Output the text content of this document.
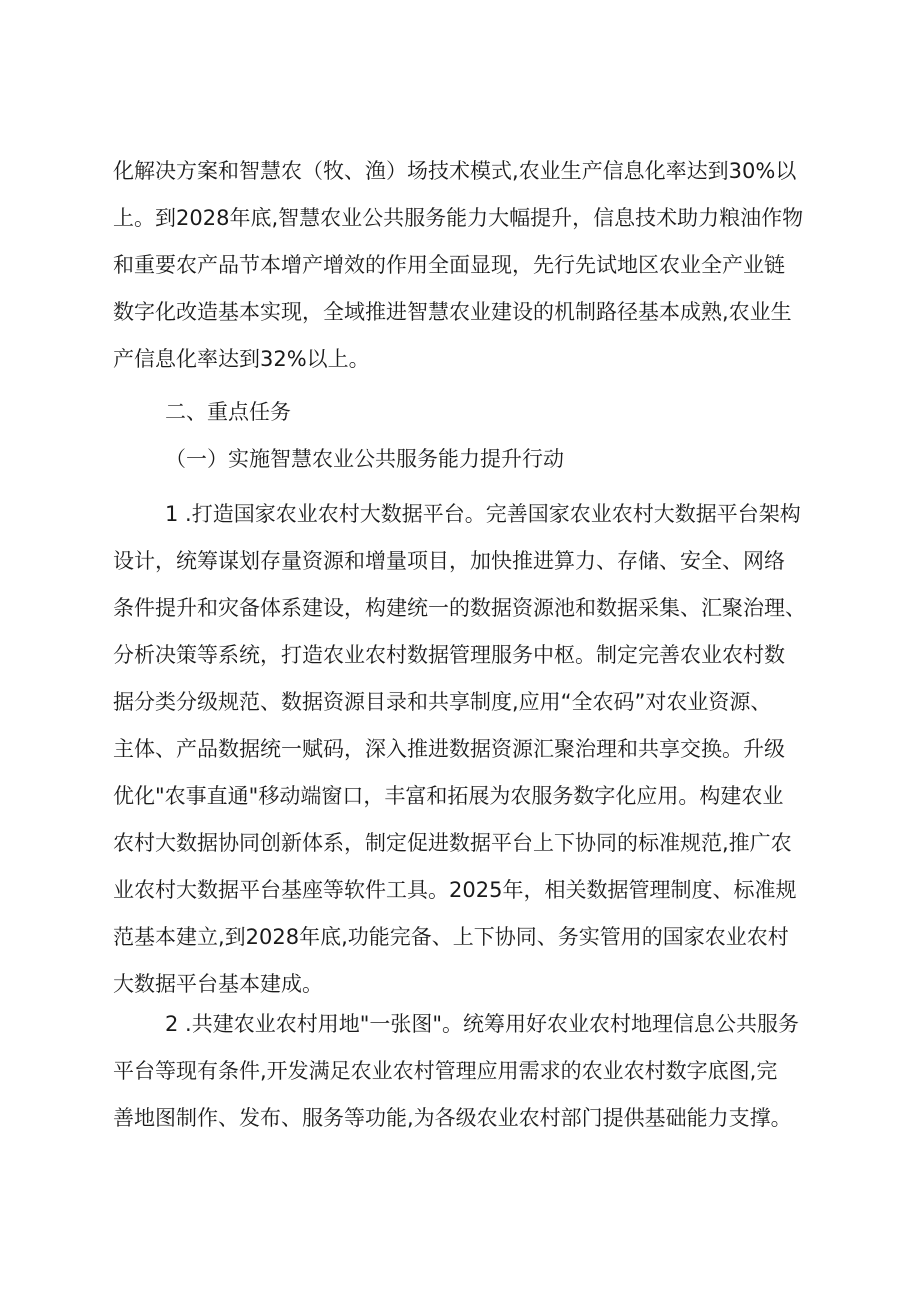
化解决方案和智慧农（牧、渔）场技术模式,农业生产信息化率达到30%以
上。到2028年底,智慧农业公共服务能力大幅提升，信息技术助力粮油作物
和重要农产品节本增产增效的作用全面显现，先行先试地区农业全产业链
数字化改造基本实现，全域推进智慧农业建设的机制路径基本成熟,农业生
产信息化率达到32%以上。
二、重点任务
（一）实施智慧农业公共服务能力提升行动
1 .打造国家农业农村大数据平台。完善国家农业农村大数据平台架构
设计，统筹谋划存量资源和增量项目，加快推进算力、存储、安全、网络
条件提升和灾备体系建设，构建统一的数据资源池和数据采集、汇聚治理、
分析决策等系统，打造农业农村数据管理服务中枢。制定完善农业农村数
据分类分级规范、数据资源目录和共享制度,应用“全农码”对农业资源、
主体、产品数据统一赋码，深入推进数据资源汇聚治理和共享交换。升级
优化"农事直通"移动端窗口，丰富和拓展为农服务数字化应用。构建农业
农村大数据协同创新体系，制定促进数据平台上下协同的标准规范,推广农
业农村大数据平台基座等软件工具。2025年，相关数据管理制度、标准规
范基本建立,到2028年底,功能完备、上下协同、务实管用的国家农业农村
大数据平台基本建成。
2 .共建农业农村用地"一张图"。统筹用好农业农村地理信息公共服务
平台等现有条件,开发满足农业农村管理应用需求的农业农村数字底图,完
善地图制作、发布、服务等功能,为各级农业农村部门提供基础能力支撑。
